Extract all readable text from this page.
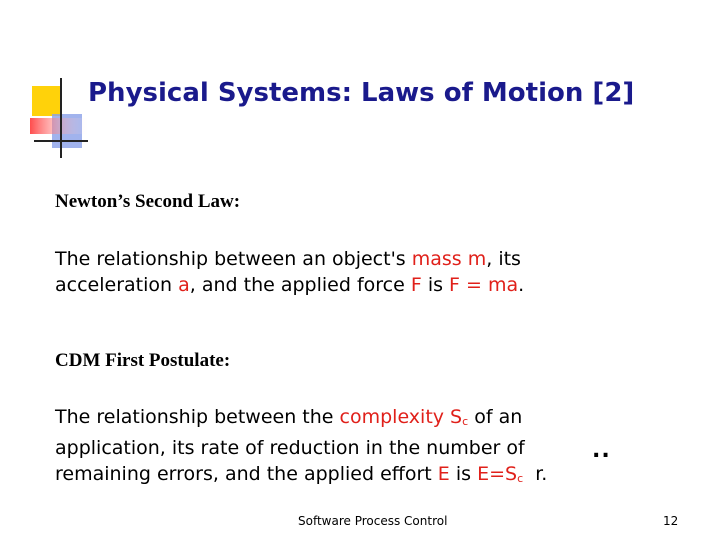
Physical Systems: Laws of Motion [2]
Newton’s Second Law:
The relationship between an object's mass m, its
acceleration a, and the applied force F is F = ma.
CDM First Postulate:
The relationship between the complexity $S_c$ of an
application, its rate of reduction in the number of
remaining errors, and the applied effort E is $E=S_c$ r.
..
Software Process Control	12
